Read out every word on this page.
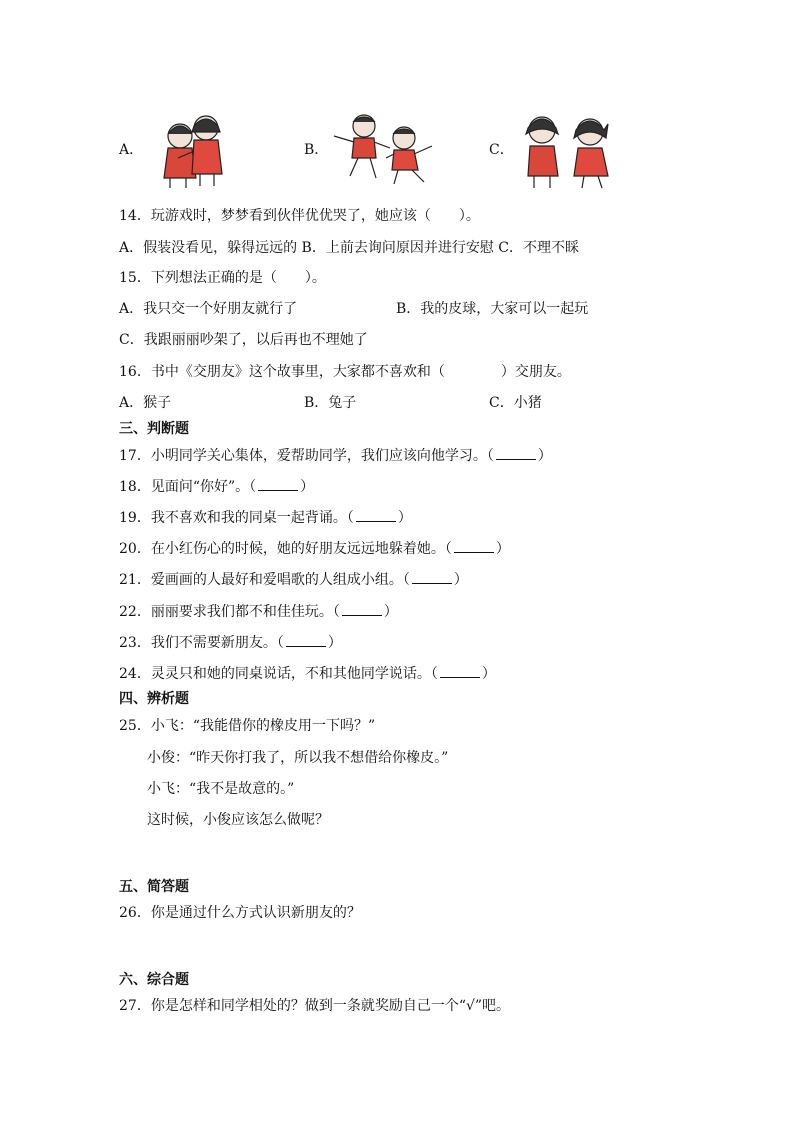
A．	B．	C．
14．玩游戏时，梦梦看到伙伴优优哭了，她应该（ ）。
A．假装没看见，躲得远远的 B．上前去询问原因并进行安慰 C．不理不睬
15．下列想法正确的是（ ）。
A．我只交一个好朋友就行了	B．我的皮球，大家可以一起玩
C．我跟丽丽吵架了，以后再也不理她了
16．书中《交朋友》这个故事里，大家都不喜欢和（	）交朋友。
A．猴子	B．兔子	C．小猪
三、判断题
17．小明同学关心集体，爱帮助同学，我们应该向他学习。（	）
18．见面问“你好”。（	）
19．我不喜欢和我的同桌一起背诵。（	）
20．在小红伤心的时候，她的好朋友远远地躲着她。（	）
21．爱画画的人最好和爱唱歌的人组成小组。（	）
22．丽丽要求我们都不和佳佳玩。（	）
23．我们不需要新朋友。（	）
24．灵灵只和她的同桌说话，不和其他同学说话。（	）
四、辨析题
25．小飞：“我能借你的橡皮用一下吗？”
小俊：“昨天你打我了，所以我不想借给你橡皮。”
小飞：“我不是故意的。”
这时候，小俊应该怎么做呢？
五、简答题
26．你是通过什么方式认识新朋友的？
六、综合题
27．你是怎样和同学相处的？做到一条就奖励自己一个“√”吧。
